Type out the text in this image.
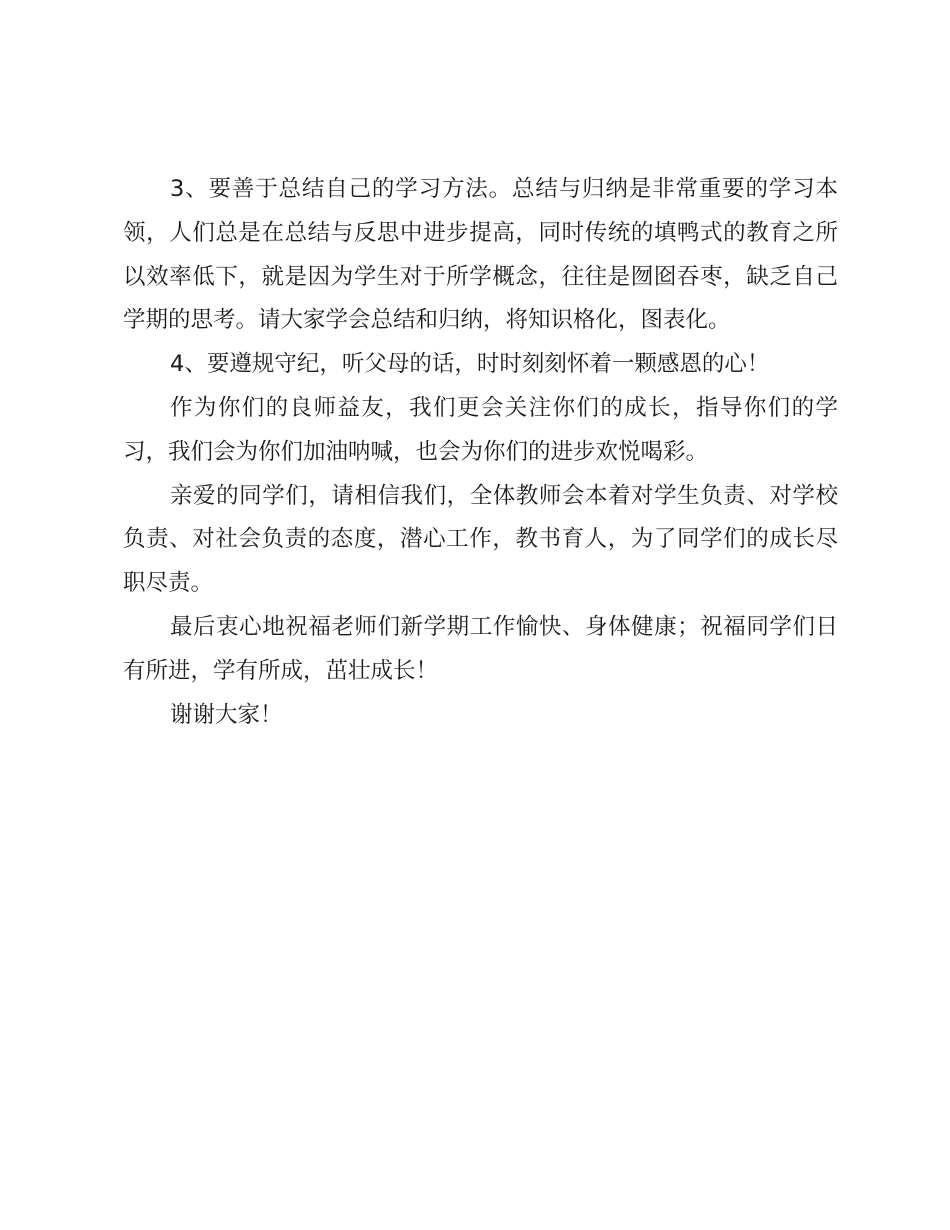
3、要善于总结自己的学习方法。总结与归纳是非常重要的学习本领，人们总是在总结与反思中进步提高，同时传统的填鸭式的教育之所以效率低下，就是因为学生对于所学概念，往往是囫囵吞枣，缺乏自己学期的思考。请大家学会总结和归纳，将知识格化，图表化。

4、要遵规守纪，听父母的话，时时刻刻怀着一颗感恩的心！

作为你们的良师益友，我们更会关注你们的成长，指导你们的学习，我们会为你们加油呐喊，也会为你们的进步欢悦喝彩。

亲爱的同学们，请相信我们，全体教师会本着对学生负责、对学校负责、对社会负责的态度，潜心工作，教书育人，为了同学们的成长尽职尽责。

最后衷心地祝福老师们新学期工作愉快、身体健康；祝福同学们日有所进，学有所成，茁壮成长！

谢谢大家！
